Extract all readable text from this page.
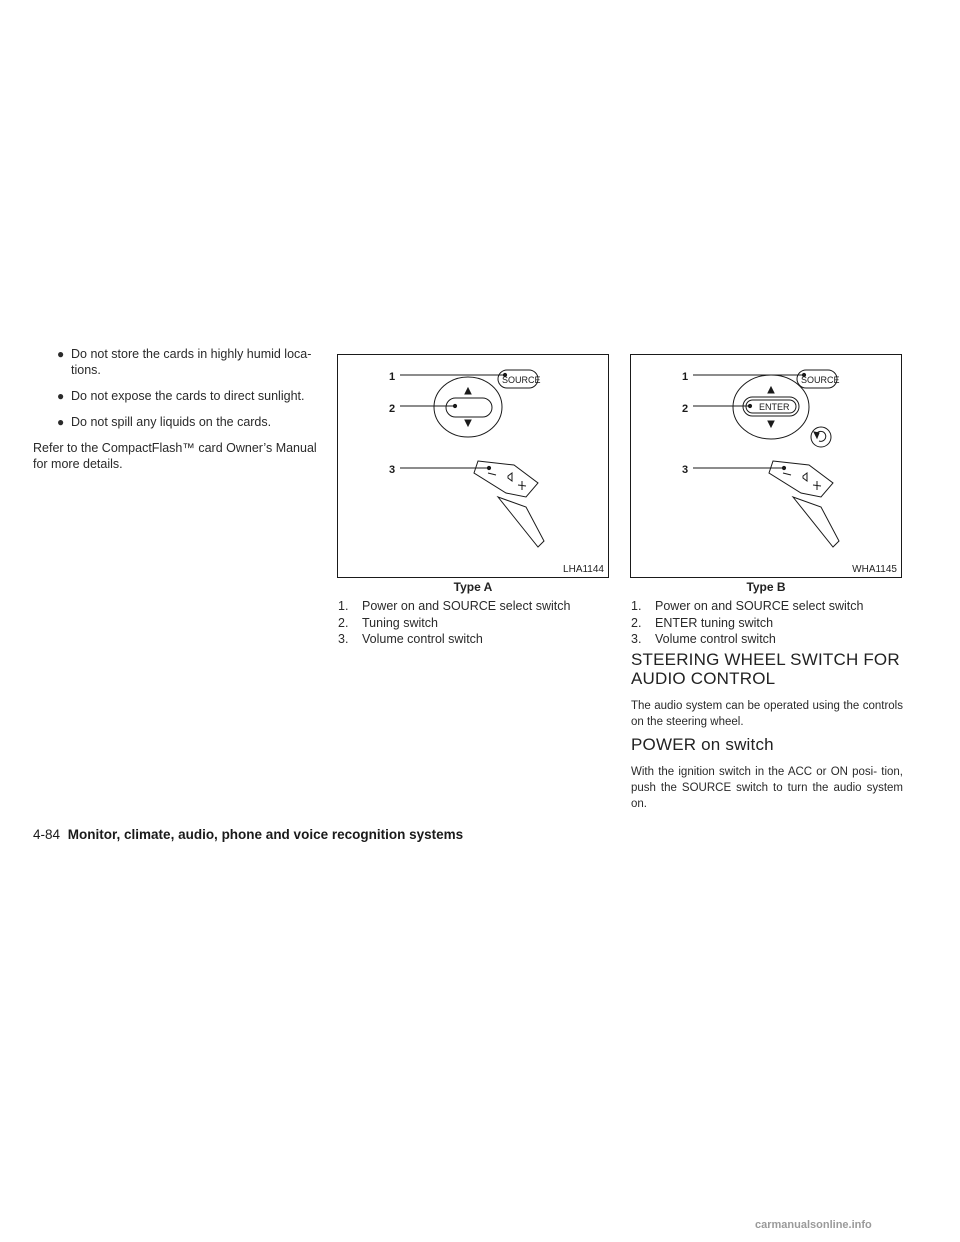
● Do not store the cards in highly humid loca- tions.
● Do not expose the cards to direct sunlight.
● Do not spill any liquids on the cards.
Refer to the CompactFlash™ card Owner’s Manual for more details.
1	SOURCE
2
3
LHA1144
Type A
1.	Power on and SOURCE select switch
2.	Tuning switch
3.	Volume control switch
1	SOURCE
ENTER
2
3
WHA1145
Type B
1.	Power on and SOURCE select switch
2.	ENTER tuning switch
3.	Volume control switch
STEERING WHEEL SWITCH FOR
AUDIO CONTROL
The audio system can be operated using the controls on the steering wheel.
POWER on switch
With the ignition switch in the ACC or ON posi- tion, push the SOURCE switch to turn the audio system on.
4-84 Monitor, climate, audio, phone and voice recognition systems
carmanualsonline.info
